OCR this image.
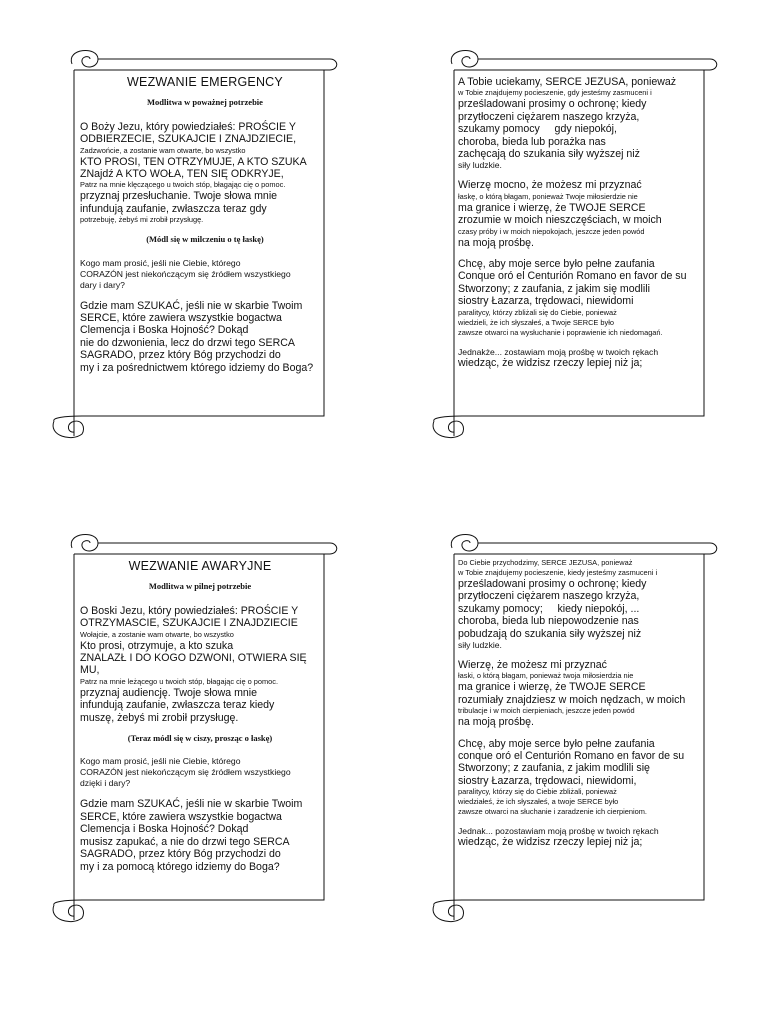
WEZWANIE EMERGENCY

Modlitwa w poważnej potrzebie

O Boży Jezu, który powiedziałeś: PROŚCIE Y

ODBIERZECIE, SZUKAJCIE I ZNAJDZIECIE,

Zadzwońcie, a zostanie wam otwarte, bo wszystko

KTO PROSI, TEN OTRZYMUJE, A KTO SZUKA

ZNajdź A KTO WOŁA, TEN SIĘ ODKRYJE,

Patrz na mnie klęczącego u twoich stóp, błagając cię o pomoc.

przyznaj przesłuchanie. Twoje słowa mnie

infundują zaufanie, zwłaszcza teraz gdy

potrzebuję, żebyś mi zrobił przysługę.

(Módl się w milczeniu o tę łaskę)

Kogo mam prosić, jeśli nie Ciebie, którego

CORAZÓN jest niekończącym się źródłem wszystkiego

dary i dary?

Gdzie mam SZUKAĆ, jeśli nie w skarbie Twoim

SERCE, które zawiera wszystkie bogactwa

Clemencja i Boska Hojność? Dokąd

nie do dzwonienia, lecz do drzwi tego SERCA

SAGRADO, przez który Bóg przychodzi do

my i za pośrednictwem którego idziemy do Boga?

A Tobie uciekamy, SERCE JEZUSA, ponieważ

w Tobie znajdujemy pocieszenie, gdy jesteśmy zasmuceni i

prześladowani prosimy o ochronę; kiedy

przytłoczeni ciężarem naszego krzyża,

szukamy pomocy     gdy niepokój,

choroba, bieda lub porażka nas

zachęcają do szukania siły wyższej niż

siły ludzkie.

Wierzę mocno, że możesz mi przyznać

łaskę, o którą błagam, ponieważ Twoje miłosierdzie nie

ma granice i wierzę, że TWOJE SERCE

zrozumie w moich nieszczęściach, w moich

czasy próby i w moich niepokojach, jeszcze jeden powód

na moją prośbę.

Chcę, aby moje serce było pełne zaufania

Conque oró el Centurión Romano en favor de su

Stworzony; z zaufania, z jakim się modlili

siostry Łazarza, trędowaci, niewidomi

paralitycy, którzy zbliżali się do Ciebie, ponieważ

wiedzieli, że ich słyszałeś, a Twoje SERCE było

zawsze otwarci na wysłuchanie i poprawienie ich niedomagań.

Jednakże... zostawiam moją prośbę w twoich rękach

wiedząc, że widzisz rzeczy lepiej niż ja;

WEZWANIE AWARYJNE

Modlitwa w pilnej potrzebie

O Boski Jezu, który powiedziałeś: PROŚCIE Y

OTRZYMASCIE, SZUKAJCIE I ZNAJDZIECIE

Wołajcie, a zostanie wam otwarte, bo wszystko

Kto prosi, otrzymuje, a kto szuka

ZNALAZŁ I DO KOGO DZWONI, OTWIERA SIĘ MU,

Patrz na mnie leżącego u twoich stóp, błagając cię o pomoc.

przyznaj audiencję. Twoje słowa mnie

infundują zaufanie, zwłaszcza teraz kiedy

muszę, żebyś mi zrobił przysługę.

(Teraz módl się w ciszy, prosząc o łaskę)

Kogo mam prosić, jeśli nie Ciebie, którego

CORAZÓN jest niekończącym się źródłem wszystkiego

dzięki i dary?

Gdzie mam SZUKAĆ, jeśli nie w skarbie Twoim

SERCE, które zawiera wszystkie bogactwa

Clemencja i Boska Hojność? Dokąd

musisz zapukać, a nie do drzwi tego SERCA

SAGRADO, przez który Bóg przychodzi do

my i za pomocą którego idziemy do Boga?

Do Ciebie przychodzimy, SERCE JEZUSA, ponieważ

w Tobie znajdujemy pocieszenie, kiedy jesteśmy zasmuceni i

prześladowani prosimy o ochronę; kiedy

przytłoczeni ciężarem naszego krzyża,

szukamy pomocy;     kiedy niepokój, ...

choroba, bieda lub niepowodzenie nas

pobudzają do szukania siły wyższej niż

siły ludzkie.

Wierzę, że możesz mi przyznać

łaski, o którą błagam, ponieważ twoja miłosierdzia nie

ma granice i wierzę, że TWOJE SERCE

rozumiały znajdziesz w moich nędzach, w moich

tribulacje i w moich cierpieniach, jeszcze jeden powód

na moją prośbę.

Chcę, aby moje serce było pełne zaufania

conque oró el Centurión Romano en favor de su

Stworzony; z zaufania, z jakim modlili się

siostry Łazarza, trędowaci, niewidomi,

paralitycy, którzy się do Ciebie zbliżali, ponieważ

wiedziałeś, że ich słyszałeś, a twoje SERCE było

zawsze otwarci na słuchanie i zaradzenie ich cierpieniom.

Jednak... pozostawiam moją prośbę w twoich rękach

wiedząc, że widzisz rzeczy lepiej niż ja;
